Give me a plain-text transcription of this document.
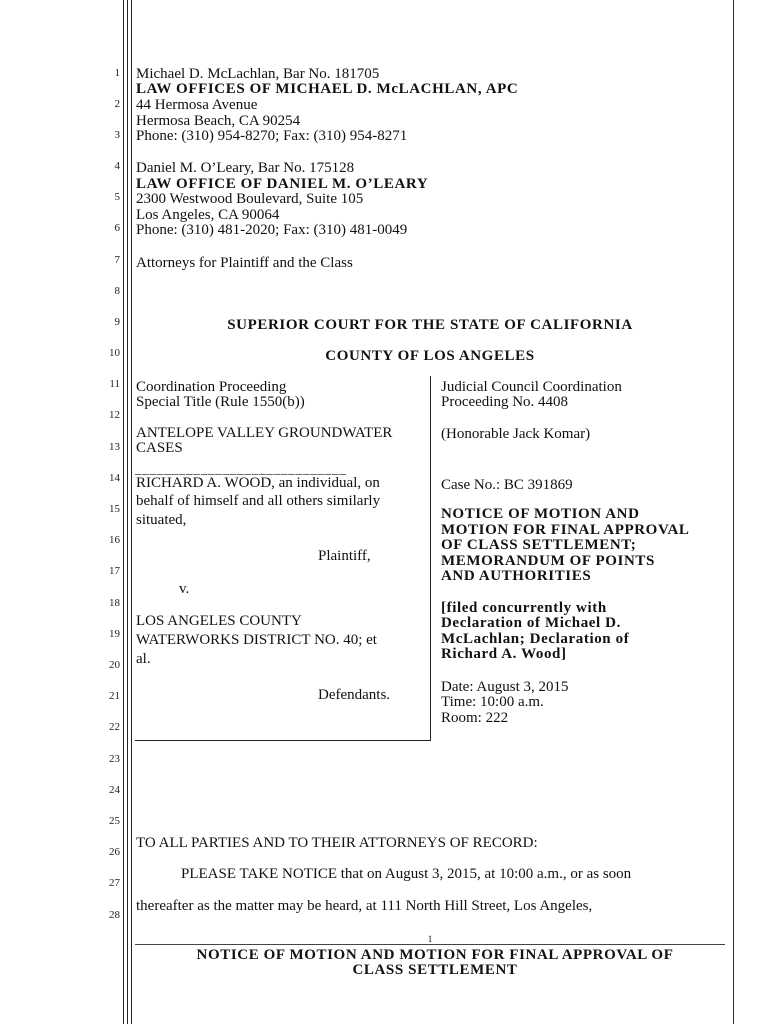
1
2
3
4
5
6
7
8
9
10
11
12
13
14
15
16
17
18
19
20
21
22
23
24
25
26
27
28
Michael D. McLachlan, Bar No. 181705
LAW OFFICES OF MICHAEL D. McLACHLAN, APC
44 Hermosa Avenue
Hermosa Beach, CA 90254
Phone: (310) 954-8270; Fax: (310) 954-8271
Daniel M. O’Leary, Bar No. 175128
LAW OFFICE OF DANIEL M. O’LEARY
2300 Westwood Boulevard, Suite 105
Los Angeles, CA 90064
Phone: (310) 481-2020; Fax: (310) 481-0049
Attorneys for Plaintiff and the Class
SUPERIOR COURT FOR THE STATE OF CALIFORNIA
COUNTY OF LOS ANGELES
Coordination Proceeding
Special Title (Rule 1550(b))
ANTELOPE VALLEY GROUNDWATER
CASES
_____________________________
RICHARD A. WOOD, an individual, on
behalf of himself and all others similarly
situated,
Plaintiff,
v.
LOS ANGELES COUNTY
WATERWORKS DISTRICT NO. 40; et
al.
Defendants.
Judicial Council Coordination
Proceeding No. 4408
(Honorable Jack Komar)
Case No.: BC 391869
NOTICE OF MOTION AND
MOTION FOR FINAL APPROVAL
OF CLASS SETTLEMENT;
MEMORANDUM OF POINTS
AND AUTHORITIES
[filed concurrently with
Declaration of Michael D.
McLachlan; Declaration of
Richard A. Wood]
Date: August 3, 2015
Time: 10:00 a.m.
Room: 222
TO ALL PARTIES AND TO THEIR ATTORNEYS OF RECORD:
PLEASE TAKE NOTICE that on August 3, 2015, at 10:00 a.m., or as soon
thereafter as the matter may be heard, at 111 North Hill Street, Los Angeles,
1
NOTICE OF MOTION AND MOTION FOR FINAL APPROVAL OF
CLASS SETTLEMENT
